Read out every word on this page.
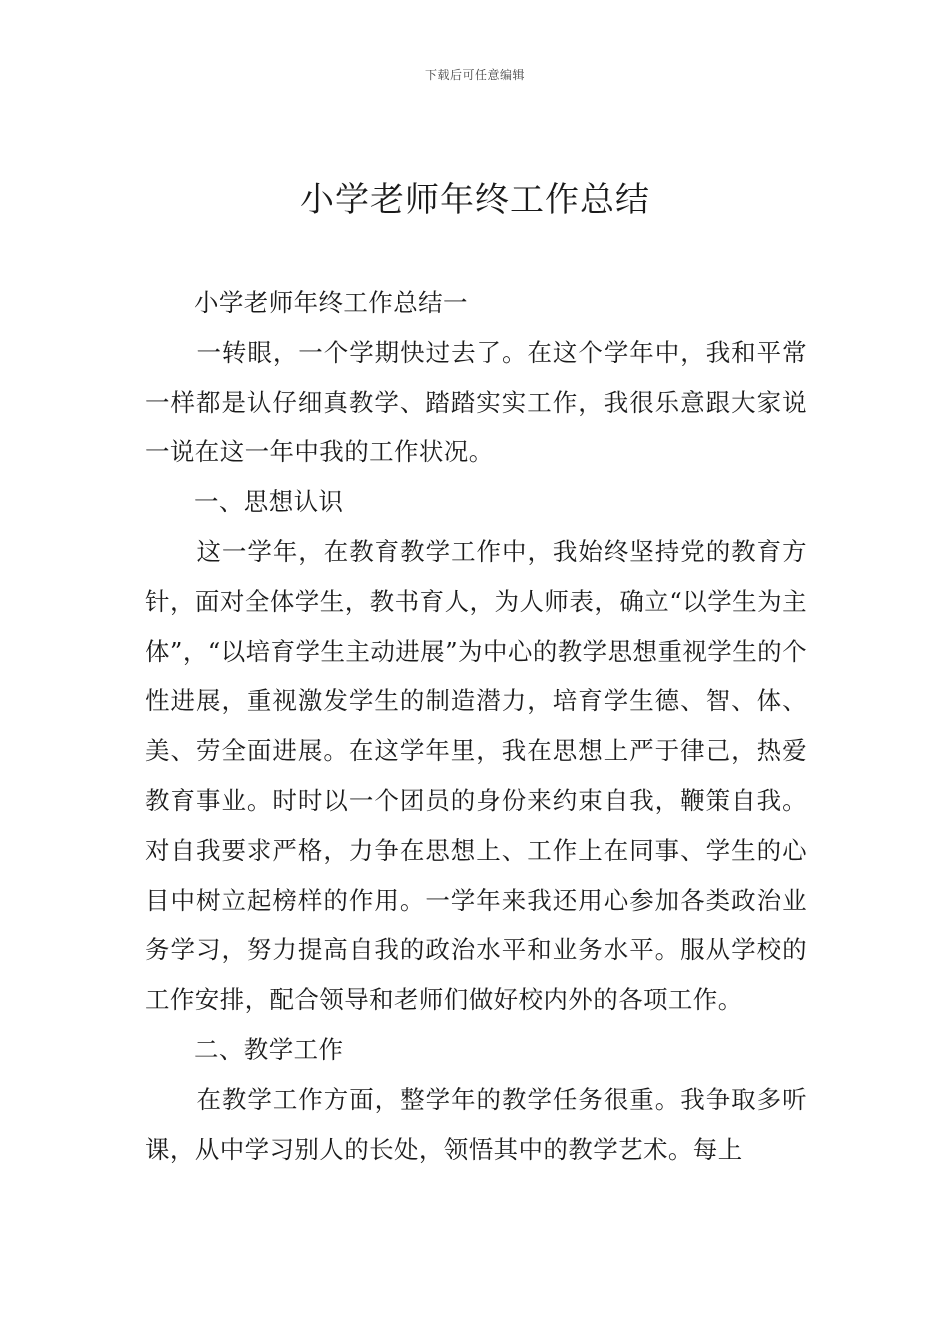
下载后可任意编辑
小学老师年终工作总结

小学老师年终工作总结一

一转眼，一个学期快过去了。在这个学年中，我和平常一样都是认仔细真教学、踏踏实实工作，我很乐意跟大家说一说在这一年中我的工作状况。

一、思想认识

这一学年，在教育教学工作中，我始终坚持党的教育方针，面对全体学生，教书育人，为人师表，确立“以学生为主体”，“以培育学生主动进展”为中心的教学思想重视学生的个性进展，重视激发学生的制造潜力，培育学生德、智、体、美、劳全面进展。在这学年里，我在思想上严于律己，热爱教育事业。时时以一个团员的身份来约束自我，鞭策自我。对自我要求严格，力争在思想上、工作上在同事、学生的心目中树立起榜样的作用。一学年来我还用心参加各类政治业务学习，努力提高自我的政治水平和业务水平。服从学校的工作安排，配合领导和老师们做好校内外的各项工作。

二、教学工作

在教学工作方面，整学年的教学任务很重。我争取多听课，从中学习别人的长处，领悟其中的教学艺术。每上
